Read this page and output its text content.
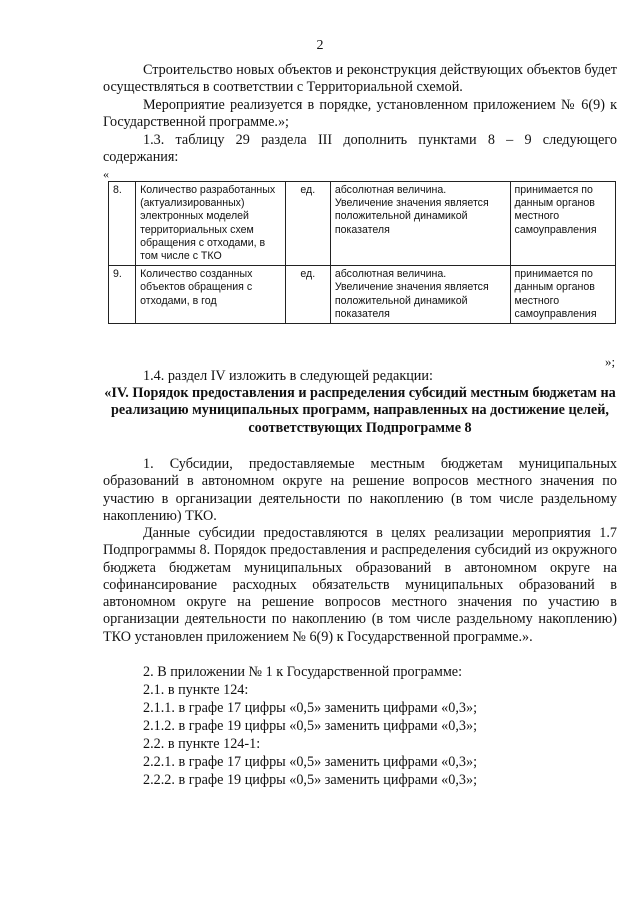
2

Строительство новых объектов и реконструкция действующих объектов будет осуществляться в соответствии с Территориальной схемой.

Мероприятие реализуется в порядке, установленном приложением № 6(9) к Государственной программе.»;

1.3. таблицу 29 раздела III дополнить пунктами 8 – 9 следующего содержания:

«
8.	Количество разработанных (актуализированных) электронных моделей территориальных схем обращения с отходами, в том числе с ТКО	ед.	абсолютная величина. Увеличение значения является положительной динамикой показателя	принимается по данным органов местного самоуправления
9.	Количество созданных объектов обращения с отходами, в год	ед.	абсолютная величина. Увеличение значения является положительной динамикой показателя	принимается по данным органов местного самоуправления
»;

1.4. раздел IV изложить в следующей редакции:

«IV. Порядок предоставления и распределения субсидий местным бюджетам на реализацию муниципальных программ, направленных на достижение целей, соответствующих Подпрограмме 8

1. Субсидии, предоставляемые местным бюджетам муниципальных образований в автономном округе на решение вопросов местного значения по участию в организации деятельности по накоплению (в том числе раздельному накоплению) ТКО.

Данные субсидии предоставляются в целях реализации мероприятия 1.7 Подпрограммы 8. Порядок предоставления и распределения субсидий из окружного бюджета бюджетам муниципальных образований в автономном округе на софинансирование расходных обязательств муниципальных образований в автономном округе на решение вопросов местного значения по участию в организации деятельности по накоплению (в том числе раздельному накоплению) ТКО установлен приложением № 6(9) к Государственной программе.».

2. В приложении № 1 к Государственной программе:

2.1. в пункте 124:

2.1.1. в графе 17 цифры «0,5» заменить цифрами «0,3»;

2.1.2. в графе 19 цифры «0,5» заменить цифрами «0,3»;

2.2. в пункте 124-1:

2.2.1. в графе 17 цифры «0,5» заменить цифрами «0,3»;

2.2.2. в графе 19 цифры «0,5» заменить цифрами «0,3»;
